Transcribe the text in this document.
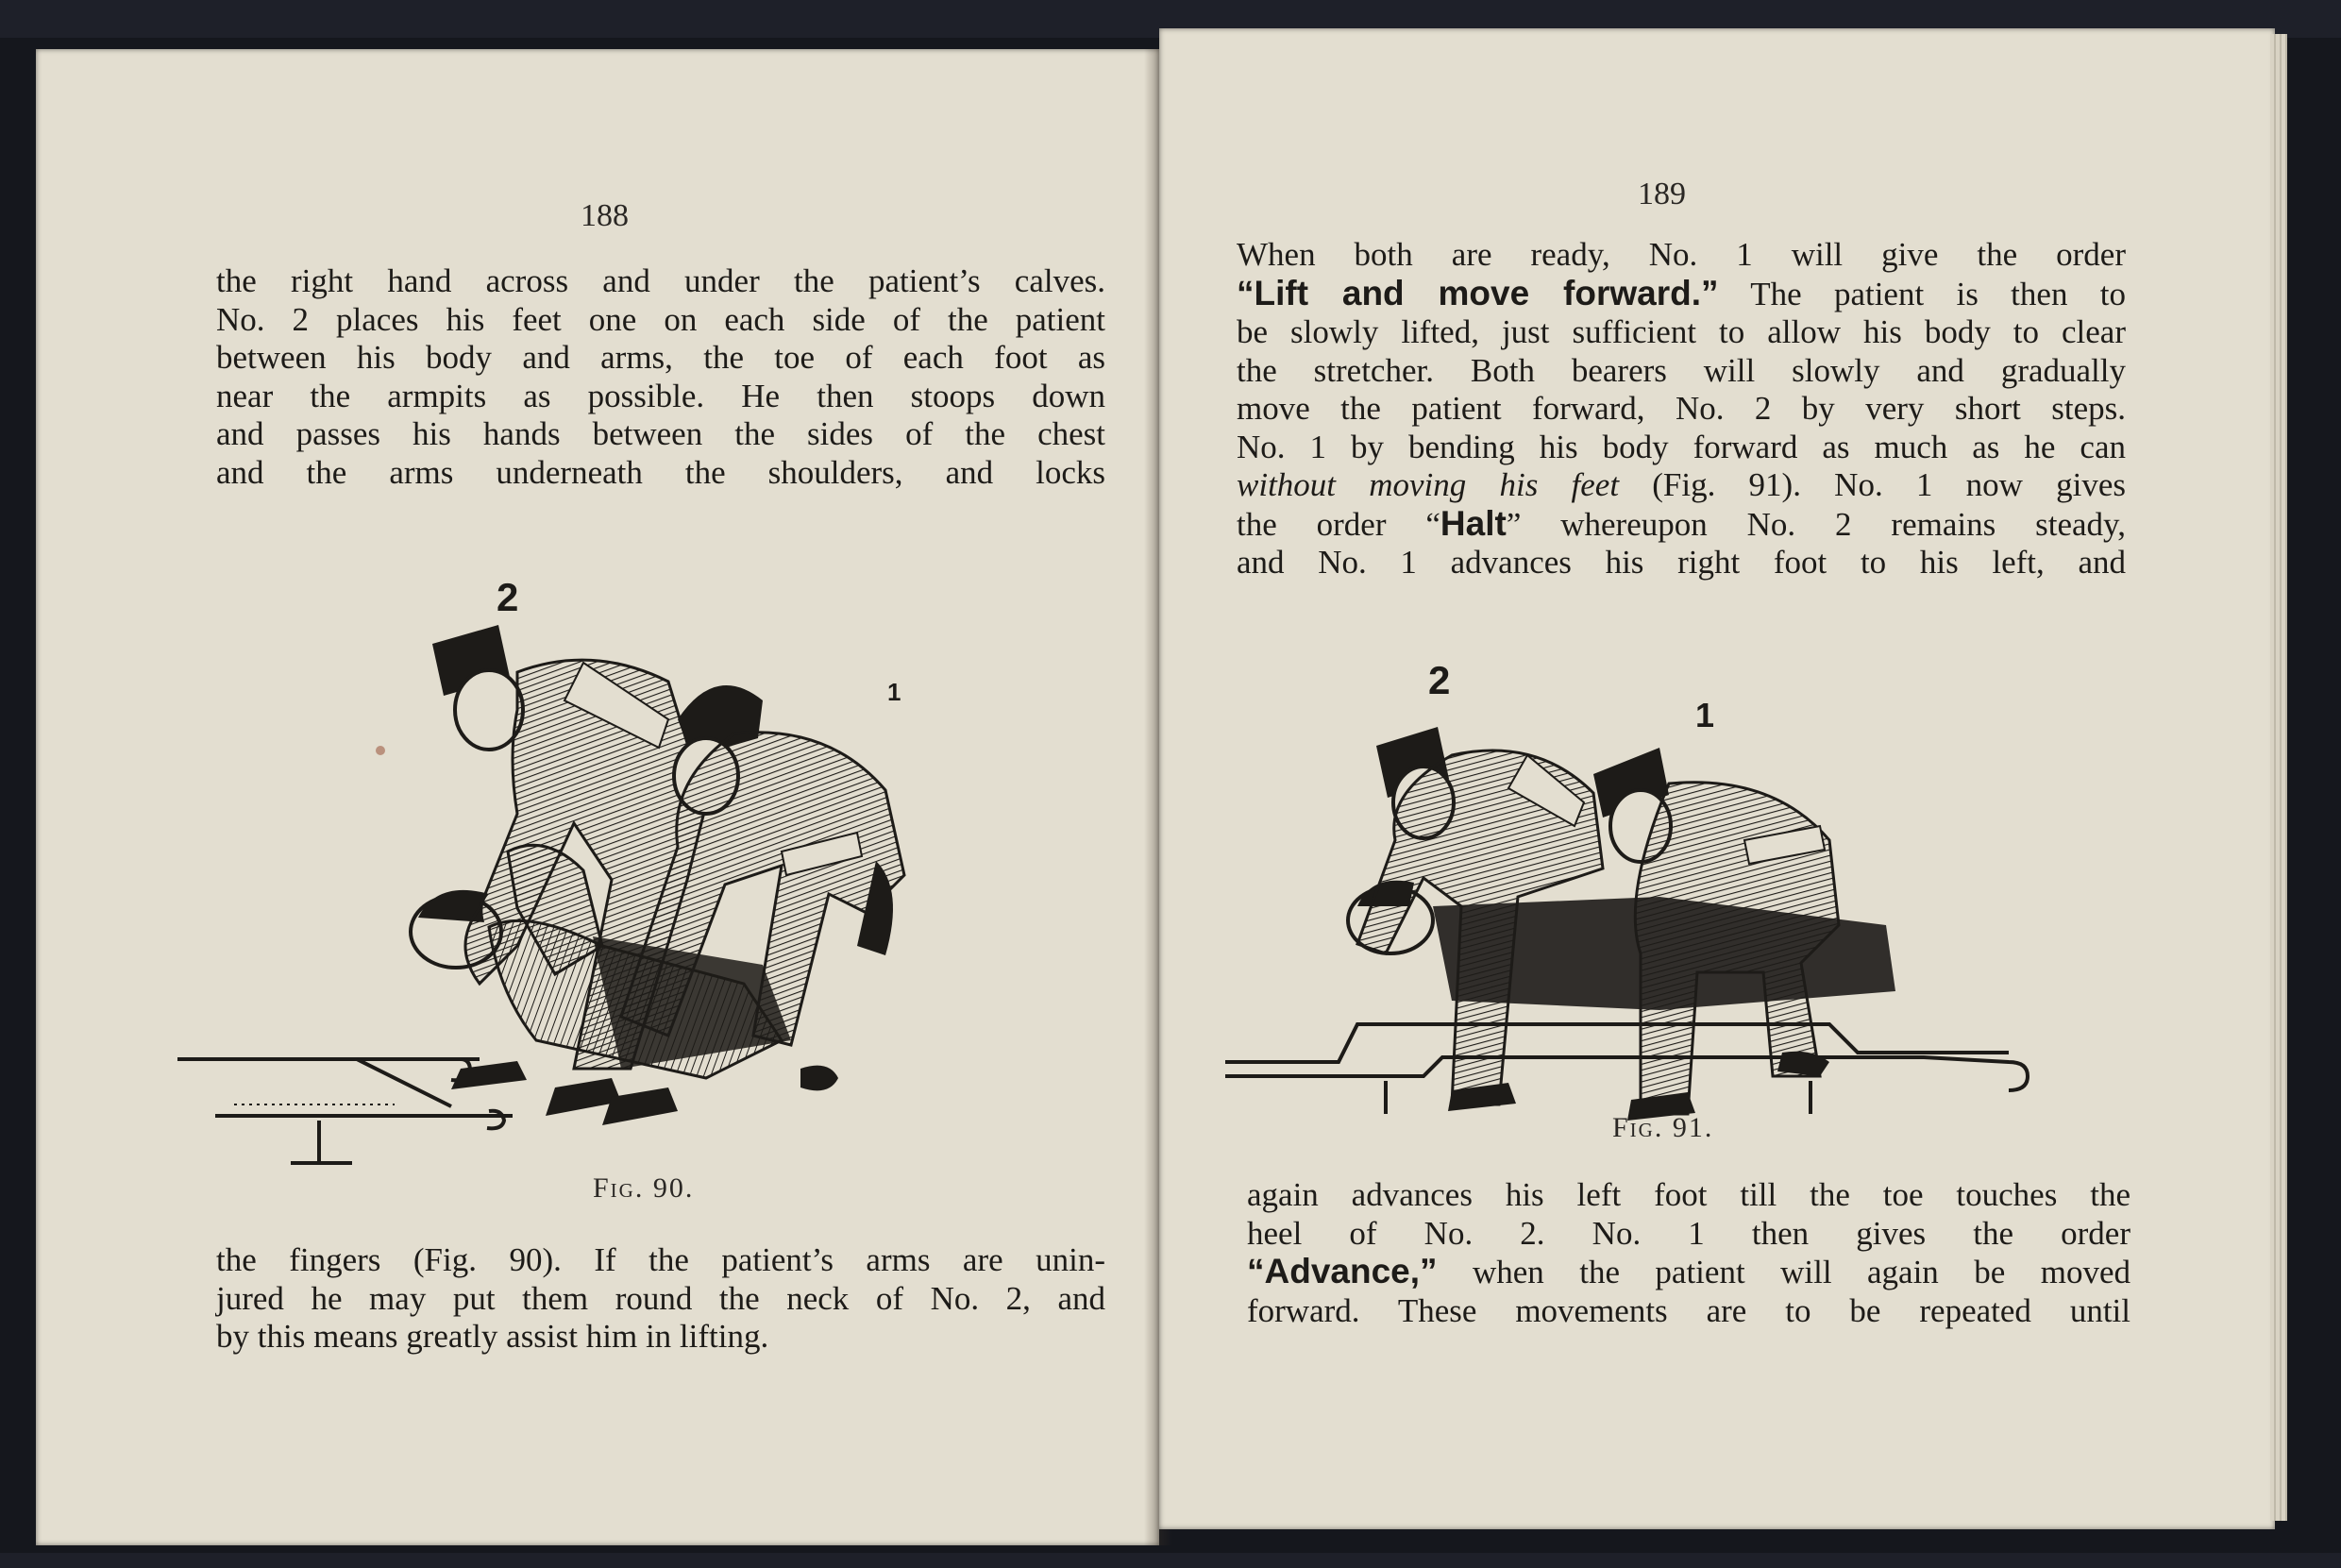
188
the right hand across and under the patient’s calves.
No. 2 places his feet one on each side of the patient
between his body and arms, the toe of each foot as
near the armpits as possible. He then stoops down
and passes his hands between the sides of the chest
and the arms underneath the shoulders, and locks
2
1
Fig. 90.
the fingers (Fig. 90). If the patient’s arms are unin-
jured he may put them round the neck of No. 2, and
by this means greatly assist him in lifting.
189
When both are ready, No. 1 will give the order
“Lift and move forward.” The patient is then to
be slowly lifted, just sufficient to allow his body to clear
the stretcher. Both bearers will slowly and gradually
move the patient forward, No. 2 by very short steps.
No. 1 by bending his body forward as much as he can
without moving his feet (Fig. 91). No. 1 now gives
the order “Halt” whereupon No. 2 remains steady,
and No. 1 advances his right foot to his left, and
2
1
Fig. 91.
again advances his left foot till the toe touches the
heel of No. 2. No. 1 then gives the order
“Advance,” when the patient will again be moved
forward. These movements are to be repeated until
